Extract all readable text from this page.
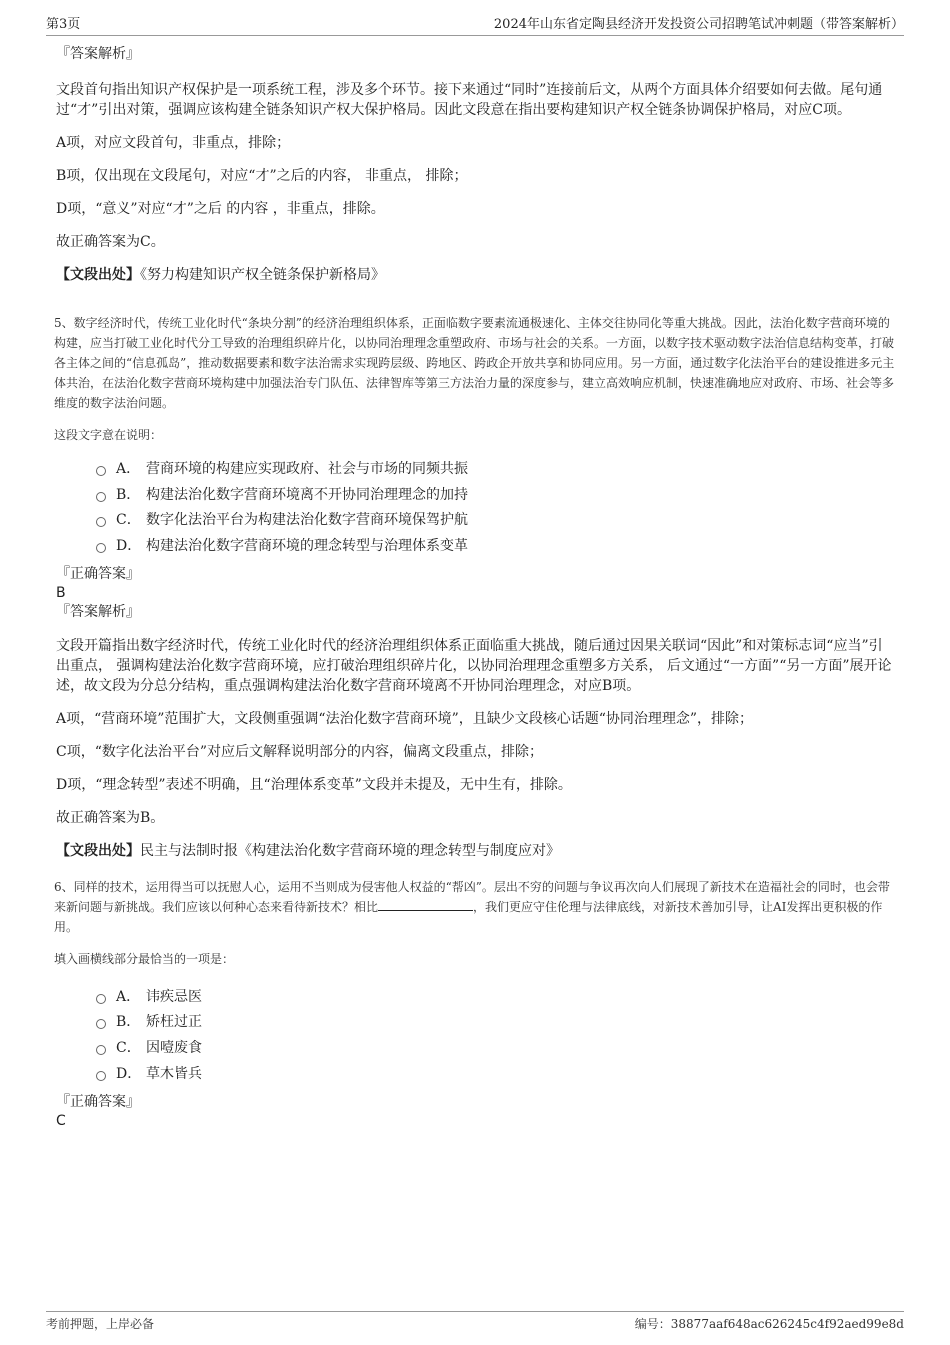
第3页	2024年山东省定陶县经济开发投资公司招聘笔试冲刺题（带答案解析）

『答案解析』

文段首句指出知识产权保护是一项系统工程，涉及多个环节。接下来通过“同时”连接前后文，从两个方面具体介绍要如何去做。尾句通过“才”引出对策，强调应该构建全链条知识产权大保护格局。因此文段意在指出要构建知识产权全链条协调保护格局，对应C项。

A项，对应文段首句，非重点，排除；

B项，仅出现在文段尾句，对应“才”之后的内容， 非重点， 排除；

D项，“意义”对应“才”之后 的内容 ，非重点，排除。

故正确答案为C。

【文段出处】《努力构建知识产权全链条保护新格局》

5、数字经济时代，传统工业化时代“条块分割”的经济治理组织体系，正面临数字要素流通极速化、主体交往协同化等重大挑战。因此，法治化数字营商环境的构建，应当打破工业化时代分工导致的治理组织碎片化，以协同治理理念重塑政府、市场与社会的关系。一方面，以数字技术驱动数字法治信息结构变革，打破各主体之间的“信息孤岛”，推动数据要素和数字法治需求实现跨层级、跨地区、跨政企开放共享和协同应用。另一方面，通过数字化法治平台的建设推进多元主体共治，在法治化数字营商环境构建中加强法治专门队伍、法律智库等第三方法治力量的深度参与，建立高效响应机制，快速准确地应对政府、市场、社会等多维度的数字法治问题。

这段文字意在说明：

A． 营商环境的构建应实现政府、社会与市场的同频共振
B． 构建法治化数字营商环境离不开协同治理理念的加持
C． 数字化法治平台为构建法治化数字营商环境保驾护航
D． 构建法治化数字营商环境的理念转型与治理体系变革

『正确答案』

B

『答案解析』

文段开篇指出数字经济时代，传统工业化时代的经济治理组织体系正面临重大挑战，随后通过因果关联词“因此”和对策标志词“应当”引出重点， 强调构建法治化数字营商环境，应打破治理组织碎片化，以协同治理理念重塑多方关系， 后文通过“一方面”“另一方面”展开论述，故文段为分总分结构，重点强调构建法治化数字营商环境离不开协同治理理念，对应B项。

A项，“营商环境”范围扩大，文段侧重强调“法治化数字营商环境”，且缺少文段核心话题“协同治理理念”，排除；

C项，“数字化法治平台”对应后文解释说明部分的内容，偏离文段重点，排除；

D项，“理念转型”表述不明确，且“治理体系变革”文段并未提及，无中生有，排除。

故正确答案为B。

【文段出处】民主与法制时报《构建法治化数字营商环境的理念转型与制度应对》

6、同样的技术，运用得当可以抚慰人心，运用不当则成为侵害他人权益的“帮凶”。层出不穷的问题与争议再次向人们展现了新技术在造福社会的同时，也会带来新问题与新挑战。我们应该以何种心态来看待新技术？相比	，我们更应守住伦理与法律底线，对新技术善加引导，让AI发挥出更积极的作用。

填入画横线部分最恰当的一项是：

A． 讳疾忌医
B． 矫枉过正
C． 因噎废食
D． 草木皆兵

『正确答案』

C

考前押题，上岸必备	编号：38877aaf648ac626245c4f92aed99e8d
